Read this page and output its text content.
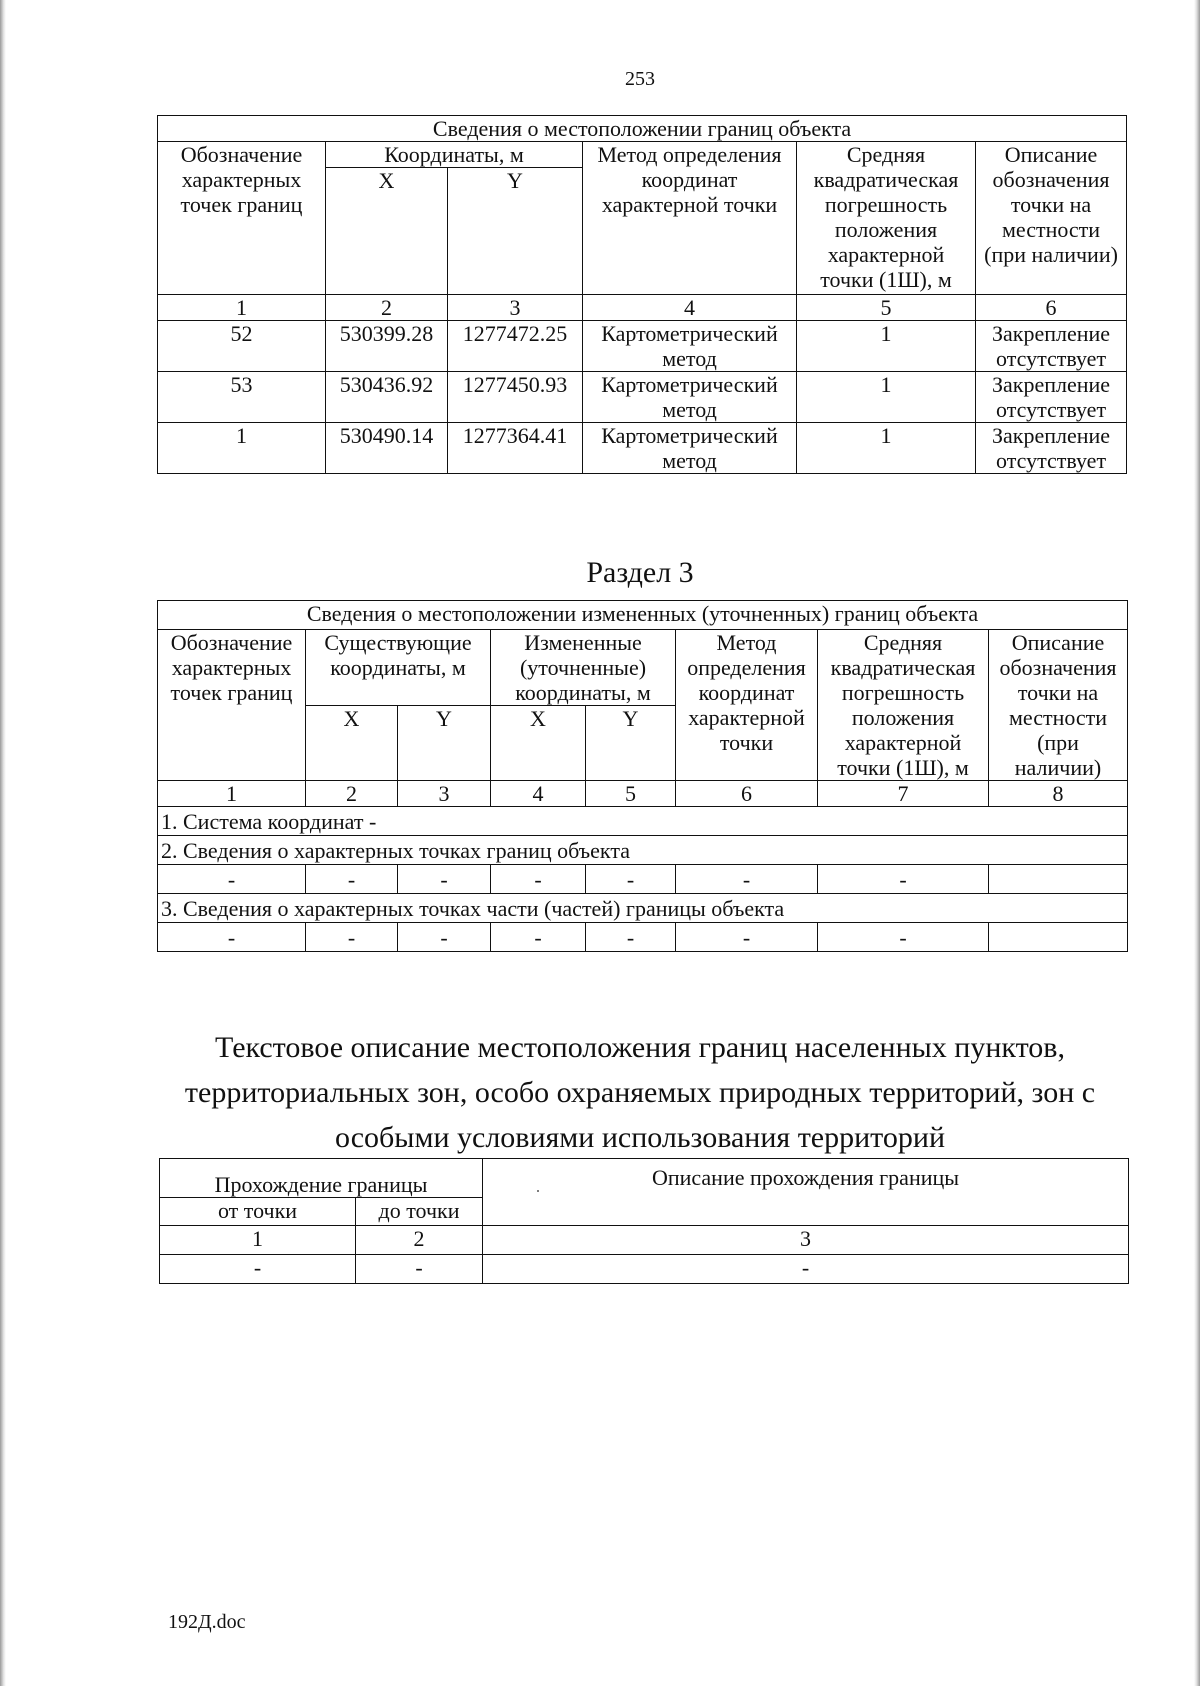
253
Сведения о местоположении границ объекта					
Обозначение характерных точек границ	Координаты, м		Метод определения координат характерной точки	Средняя квадратическая погрешность положения характерной точки (1Ш), м	Описание обозначения точки на местности (при наличии)
	X	Y			
1	2	3	4	5	6
52	530399.28	1277472.25	Картометрический метод	1	Закрепление отсутствует
53	530436.92	1277450.93	Картометрический метод	1	Закрепление отсутствует
1	530490.14	1277364.41	Картометрический метод	1	Закрепление отсутствует
Раздел 3
Сведения о местоположении измененных (уточненных) границ объекта							
Обозначение характерных точек границ	Существующие координаты, м		Измененные (уточненные) координаты, м		Метод определения координат характерной точки	Средняя квадратическая погрешность положения характерной точки (1Ш), м	Описание обозначения точки на местности (при наличии)
	X	Y	X	Y			
1	2	3	4	5	6	7	8
1. Система координат -							
2. Сведения о характерных точках границ объекта							
-	-	-	-	-	-	-	
3. Сведения о характерных точках части (частей) границы объекта							
-	-	-	-	-	-	-	
Текстовое описание местоположения границ населенных пунктов, территориальных зон, особо охраняемых природных территорий, зон с особыми условиями использования территорий
Прохождение границы		Описание прохождения границы
от точки	до точки	
1	2	3
-	-	-
192Д.doc
